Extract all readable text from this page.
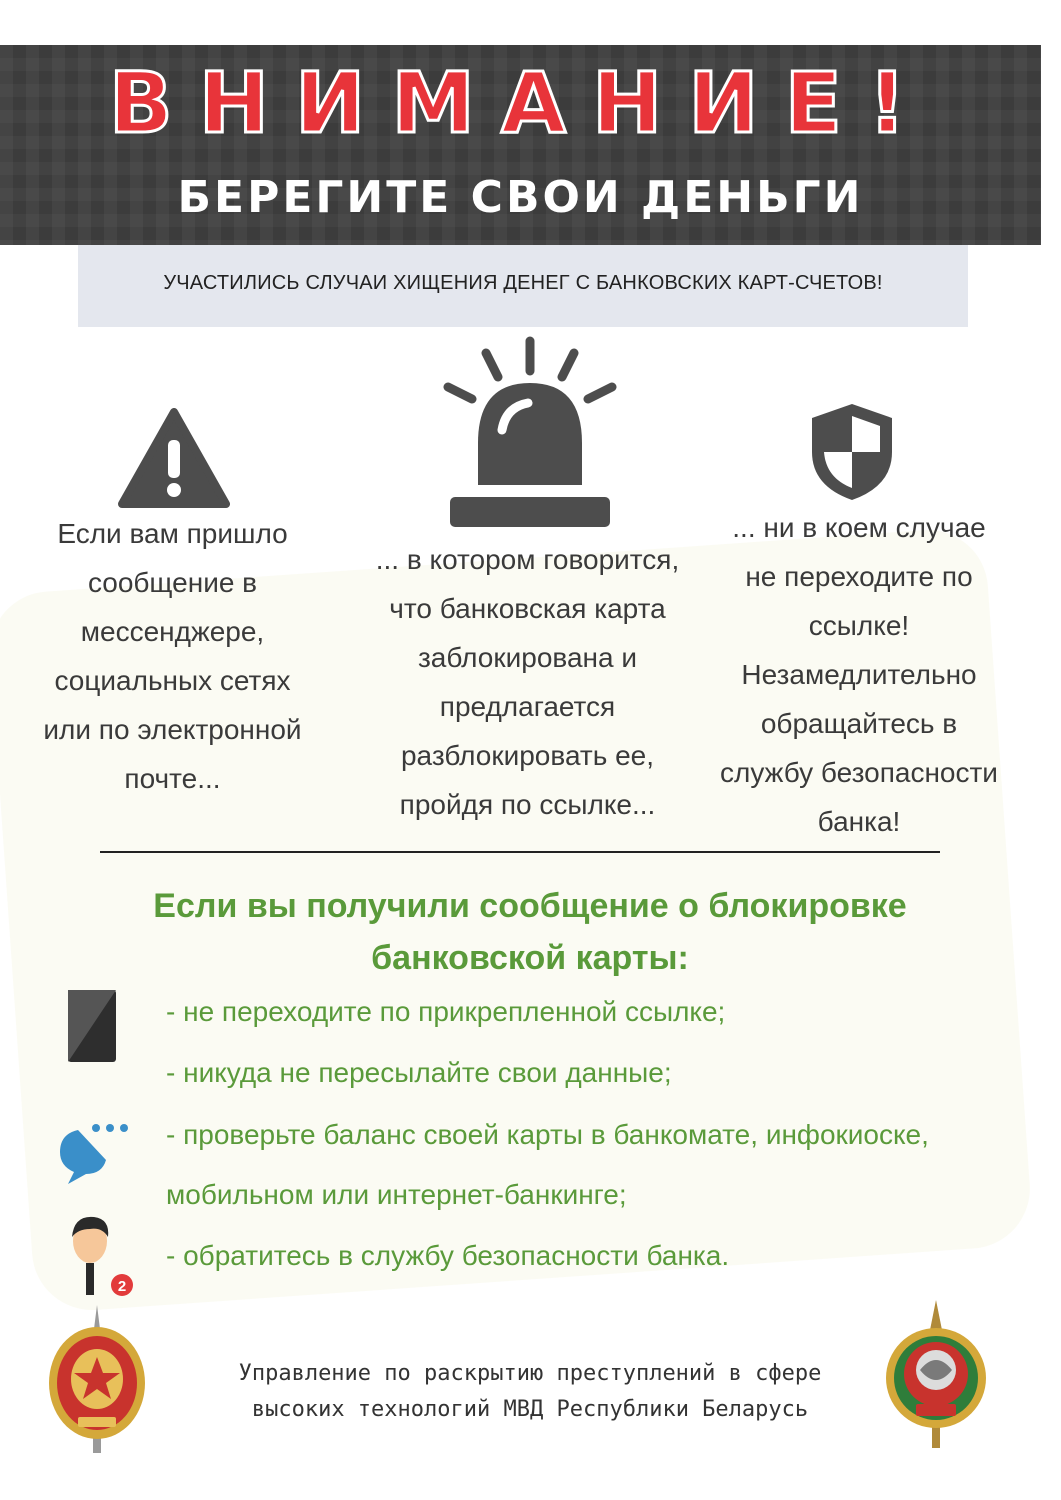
ВНИМАНИЕ!
БЕРЕГИТЕ СВОИ ДЕНЬГИ
УЧАСТИЛИСЬ СЛУЧАИ ХИЩЕНИЯ ДЕНЕГ С БАНКОВСКИХ КАРТ-СЧЕТОВ!
Если вам пришло
сообщение в
мессенджере,
социальных сетях
или по электронной
почте...
... в котором говорится,
что банковская карта
заблокирована и
предлагается
разблокировать ее,
пройдя по ссылке...
... ни в коем случае
не переходите по
ссылке!
Незамедлительно
обращайтесь в
службу безопасности
банка!
Если вы получили сообщение о блокировке
банковской карты:
2
- не переходите по прикрепленной ссылке;
- никуда не пересылайте свои данные;
- проверьте баланс своей карты в банкомате, инфокиоске,
мобильном или интернет-банкинге;
- обратитесь в службу безопасности банка.
Управление по раскрытию преступлений в сфере
высоких технологий МВД Республики Беларусь
